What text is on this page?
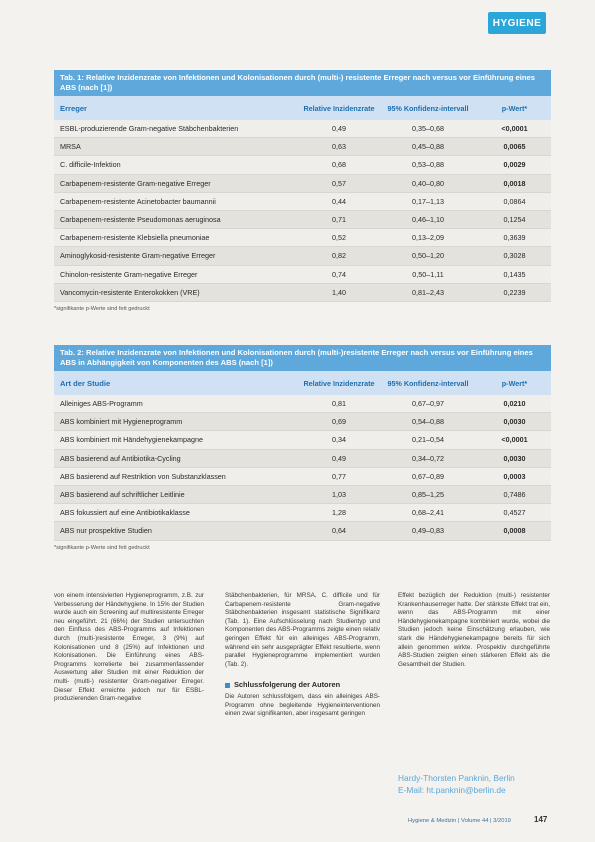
HYGIENE
Tab. 1: Relative Inzidenzrate von Infektionen und Kolonisationen durch (multi-) resistente Erreger nach versus vor Einführung eines ABS (nach [1])
Erreger	Relative Inzidenzrate	95% Konfidenz-intervall	p-Wert*
ESBL-produzierende Gram-negative Stäbchenbakterien	0,49	0,35–0,68	<0,0001
MRSA	0,63	0,45–0,88	0,0065
C. difficile-Infektion	0,68	0,53–0,88	0,0029
Carbapenem-resistente Gram-negative Erreger	0,57	0,40–0,80	0,0018
Carbapenem-resistente Acinetobacter baumannii	0,44	0,17–1,13	0,0864
Carbapenem-resistente Pseudomonas aeruginosa	0,71	0,46–1,10	0,1254
Carbapenem-resistente Klebsiella pneumoniae	0,52	0,13–2,09	0,3639
Aminoglykosid-resistente Gram-negative Erreger	0,82	0,50–1,20	0,3028
Chinolon-resistente Gram-negative Erreger	0,74	0,50–1,11	0,1435
Vancomycin-resistente Enterokokken (VRE)	1,40	0,81–2,43	0,2239
*signifikante p-Werte sind fett gedruckt
Tab. 2: Relative Inzidenzrate von Infektionen und Kolonisationen durch (multi-)resistente Erreger nach versus vor Einführung eines ABS in Abhängigkeit von Komponenten des ABS (nach [1])
Art der Studie	Relative Inzidenzrate	95% Konfidenz-intervall	p-Wert*
Alleiniges ABS-Programm	0,81	0,67–0,97	0,0210
ABS kombiniert mit Hygieneprogramm	0,69	0,54–0,88	0,0030
ABS kombiniert mit Händehygienekampagne	0,34	0,21–0,54	<0,0001
ABS basierend auf Antibiotika-Cycling	0,49	0,34–0,72	0,0030
ABS basierend auf Restriktion von Substanzklassen	0,77	0,67–0,89	0,0003
ABS basierend auf schriftlicher Leitlinie	1,03	0,85–1,25	0,7486
ABS fokussiert auf eine Antibiotikaklasse	1,28	0,68–2,41	0,4527
ABS nur prospektive Studien	0,64	0,49–0,83	0,0008
*signifikante p-Werte sind fett gedruckt
von einem intensivierten Hygieneprogramm, z.B. zur Verbesserung der Händehygiene. In 15% der Studien wurde auch ein Screening auf multiresistente Erreger neu eingeführt. 21 (66%) der Studien untersuchten den Einfluss des ABS-Programms auf Infektionen durch (multi-)resistente Erreger, 3 (9%) auf Kolonisationen und 8 (25%) auf Infektionen und Kolonisationen. Die Einführung eines ABS-Programms korrelierte bei zusammenfassender Auswertung aller Studien mit einer Reduktion der multi- (multi-) resistenter Gram-negativer Erreger. Dieser Effekt erreichte jedoch nur für ESBL-produzierenden Gram-negative
Stäbchenbakterien, für MRSA, C. difficile und für Carbapenem-resistente Gram-negative Stäbchenbakterien insgesamt statistische Signifikanz (Tab. 1). Eine Aufschlüsselung nach Studientyp und Komponenten des ABS-Programms zeigte einen relativ geringen Effekt für ein alleiniges ABS-Programm, während ein sehr ausgeprägter Effekt resultierte, wenn parallel Hygieneprogramme implementiert wurden (Tab. 2).
Schlussfolgerung der Autoren
Die Autoren schlussfolgern, dass ein alleiniges ABS-Programm ohne begleitende Hygieneinterventionen einen zwar signifikanten, aber insgesamt geringen
Effekt bezüglich der Reduktion (multi-) resistenter Krankenhauserreger hatte. Der stärkste Effekt trat ein, wenn das ABS-Programm mit einer Händehygienekampagne kombiniert wurde, wobei die Studien jedoch keine Einschätzung erlauben, wie stark die Händehygienekampagne bereits für sich allein genommen wirkte. Prospektiv durchgeführte ABS-Studien zeigten einen stärkeren Effekt als die Gesamtheit der Studien.
Hardy-Thorsten Panknin, Berlin
E-Mail: ht.panknin@berlin.de
Hygiene & Medizin | Volume 44 | 3/2019	147
